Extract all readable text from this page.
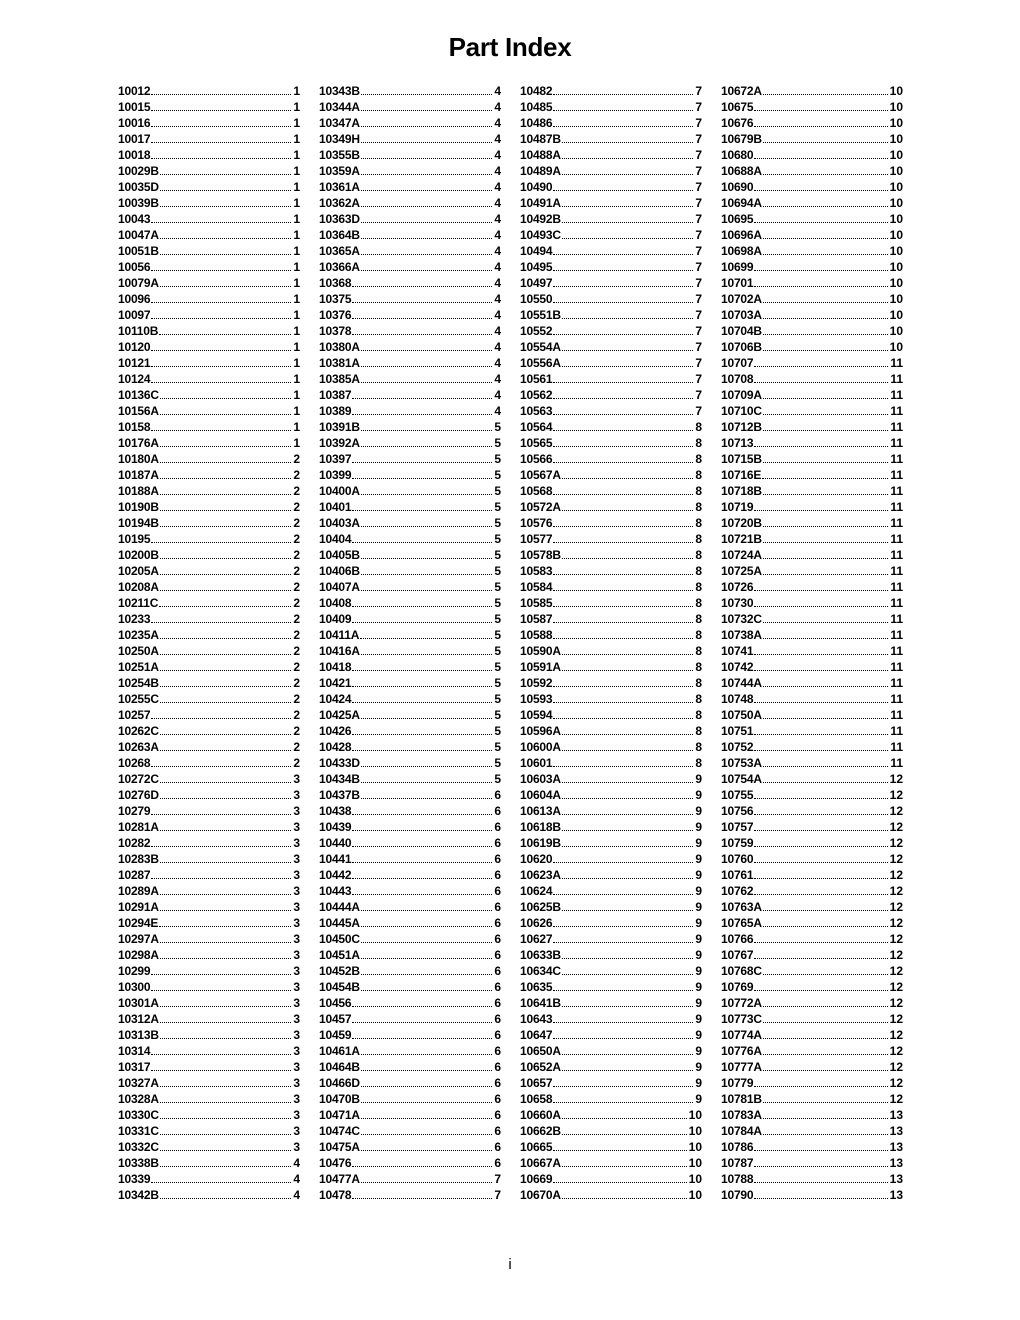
Part Index
10012	1
10015	1
10016	1
10017	1
10018	1
10029B	1
10035D	1
10039B	1
10043	1
10047A	1
10051B	1
10056	1
10079A	1
10096	1
10097	1
10110B	1
10120	1
10121	1
10124	1
10136C	1
10156A	1
10158	1
10176A	1
10180A	2
10187A	2
10188A	2
10190B	2
10194B	2
10195	2
10200B	2
10205A	2
10208A	2
10211C	2
10233	2
10235A	2
10250A	2
10251A	2
10254B	2
10255C	2
10257	2
10262C	2
10263A	2
10268	2
10272C	3
10276D	3
10279	3
10281A	3
10282	3
10283B	3
10287	3
10289A	3
10291A	3
10294E	3
10297A	3
10298A	3
10299	3
10300	3
10301A	3
10312A	3
10313B	3
10314	3
10317	3
10327A	3
10328A	3
10330C	3
10331C	3
10332C	3
10338B	4
10339	4
10342B	4
10343B	4
10344A	4
10347A	4
10349H	4
10355B	4
10359A	4
10361A	4
10362A	4
10363D	4
10364B	4
10365A	4
10366A	4
10368	4
10375	4
10376	4
10378	4
10380A	4
10381A	4
10385A	4
10387	4
10389	4
10391B	5
10392A	5
10397	5
10399	5
10400A	5
10401	5
10403A	5
10404	5
10405B	5
10406B	5
10407A	5
10408	5
10409	5
10411A	5
10416A	5
10418	5
10421	5
10424	5
10425A	5
10426	5
10428	5
10433D	5
10434B	5
10437B	6
10438	6
10439	6
10440	6
10441	6
10442	6
10443	6
10444A	6
10445A	6
10450C	6
10451A	6
10452B	6
10454B	6
10456	6
10457	6
10459	6
10461A	6
10464B	6
10466D	6
10470B	6
10471A	6
10474C	6
10475A	6
10476	6
10477A	7
10478	7
10482	7
10485	7
10486	7
10487B	7
10488A	7
10489A	7
10490	7
10491A	7
10492B	7
10493C	7
10494	7
10495	7
10497	7
10550	7
10551B	7
10552	7
10554A	7
10556A	7
10561	7
10562	7
10563	7
10564	8
10565	8
10566	8
10567A	8
10568	8
10572A	8
10576	8
10577	8
10578B	8
10583	8
10584	8
10585	8
10587	8
10588	8
10590A	8
10591A	8
10592	8
10593	8
10594	8
10596A	8
10600A	8
10601	8
10603A	9
10604A	9
10613A	9
10618B	9
10619B	9
10620	9
10623A	9
10624	9
10625B	9
10626	9
10627	9
10633B	9
10634C	9
10635	9
10641B	9
10643	9
10647	9
10650A	9
10652A	9
10657	9
10658	9
10660A	10
10662B	10
10665	10
10667A	10
10669	10
10670A	10
10672A	10
10675	10
10676	10
10679B	10
10680	10
10688A	10
10690	10
10694A	10
10695	10
10696A	10
10698A	10
10699	10
10701	10
10702A	10
10703A	10
10704B	10
10706B	10
10707	11
10708	11
10709A	11
10710C	11
10712B	11
10713	11
10715B	11
10716E	11
10718B	11
10719	11
10720B	11
10721B	11
10724A	11
10725A	11
10726	11
10730	11
10732C	11
10738A	11
10741	11
10742	11
10744A	11
10748	11
10750A	11
10751	11
10752	11
10753A	11
10754A	12
10755	12
10756	12
10757	12
10759	12
10760	12
10761	12
10762	12
10763A	12
10765A	12
10766	12
10767	12
10768C	12
10769	12
10772A	12
10773C	12
10774A	12
10776A	12
10777A	12
10779	12
10781B	12
10783A	13
10784A	13
10786	13
10787	13
10788	13
10790	13
i
